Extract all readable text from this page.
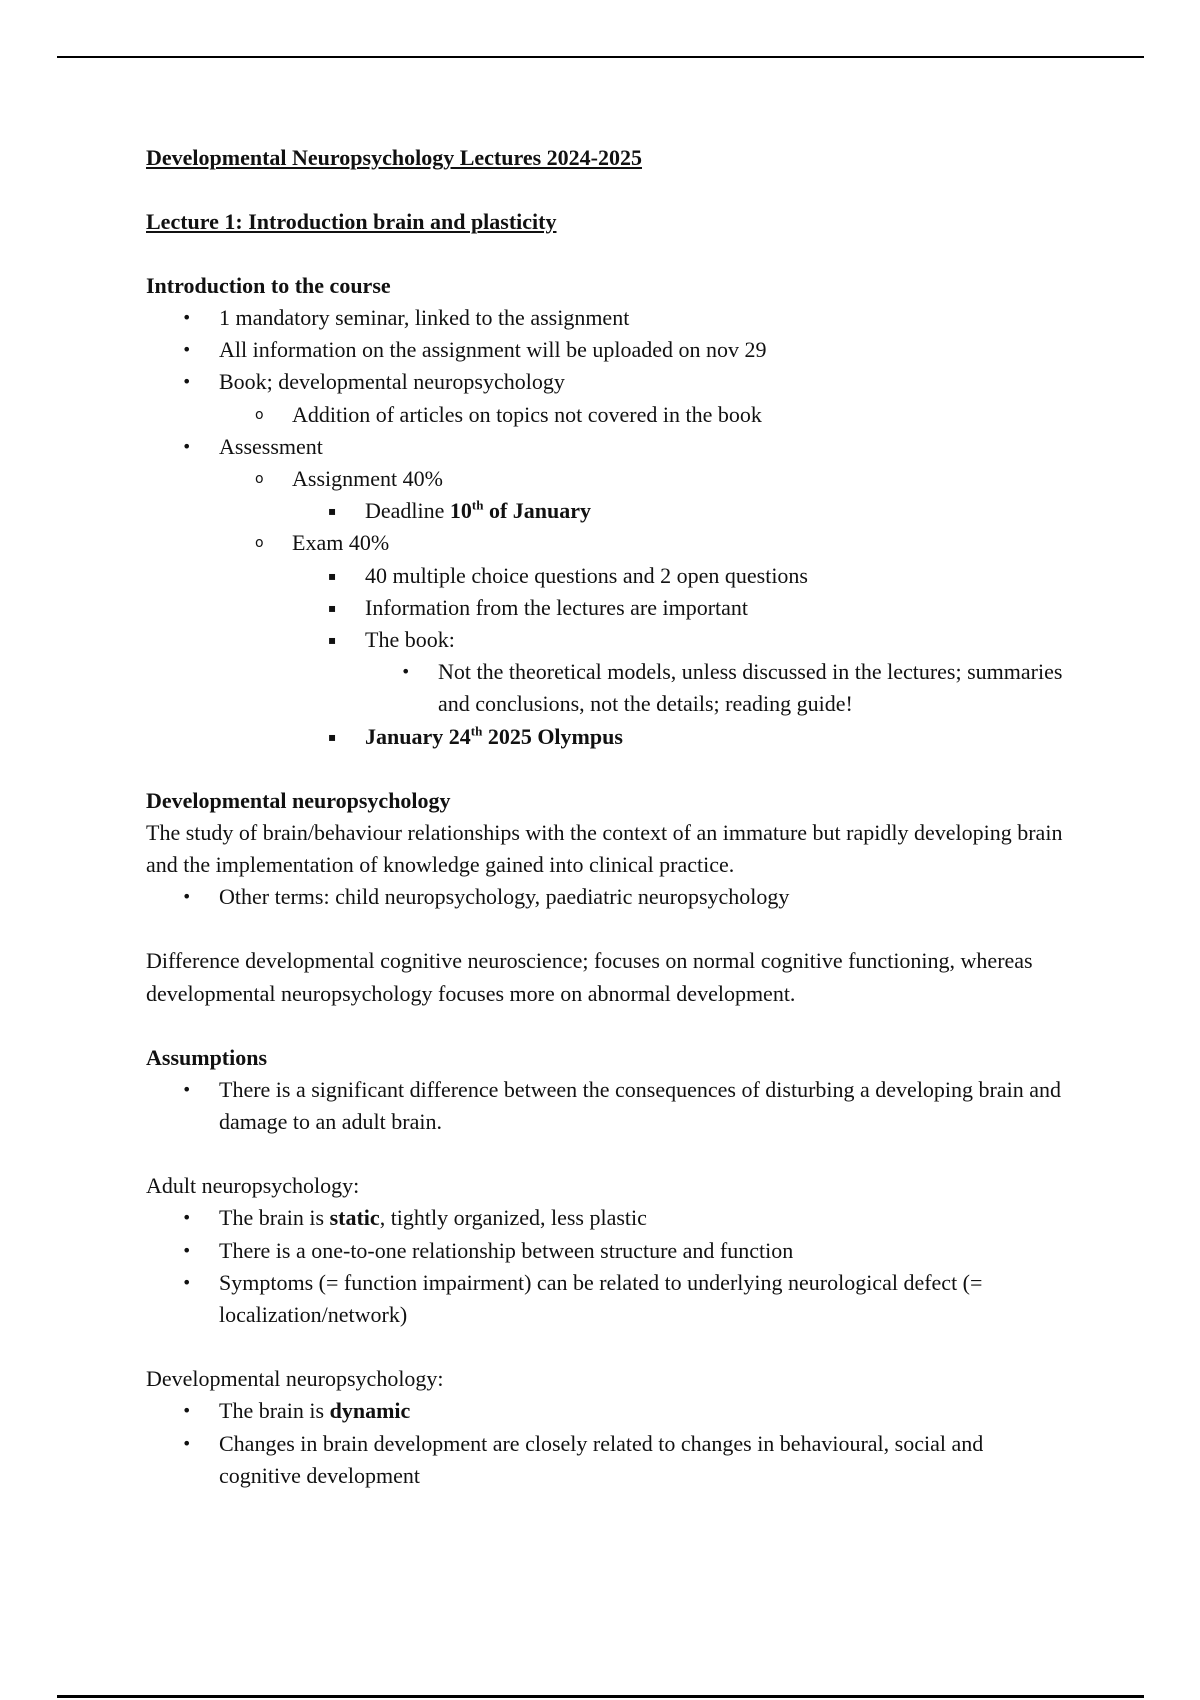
Developmental Neuropsychology Lectures 2024-2025

Lecture 1: Introduction brain and plasticity

Introduction to the course

• 1 mandatory seminar, linked to the assignment
• All information on the assignment will be uploaded on nov 29
• Book; developmental neuropsychology
o Addition of articles on topics not covered in the book
• Assessment
o Assignment 40%
▪ Deadline 10th of January
o Exam 40%
▪ 40 multiple choice questions and 2 open questions
▪ Information from the lectures are important
▪ The book:
• Not the theoretical models, unless discussed in the lectures; summaries and conclusions, not the details; reading guide!
▪ January 24th 2025 Olympus

Developmental neuropsychology

The study of brain/behaviour relationships with the context of an immature but rapidly developing brain and the implementation of knowledge gained into clinical practice.

• Other terms: child neuropsychology, paediatric neuropsychology

Difference developmental cognitive neuroscience; focuses on normal cognitive functioning, whereas developmental neuropsychology focuses more on abnormal development.

Assumptions

• There is a significant difference between the consequences of disturbing a developing brain and damage to an adult brain.

Adult neuropsychology:

• The brain is static, tightly organized, less plastic
• There is a one-to-one relationship between structure and function
• Symptoms (= function impairment) can be related to underlying neurological defect (= localization/network)

Developmental neuropsychology:

• The brain is dynamic
• Changes in brain development are closely related to changes in behavioural, social and cognitive development
